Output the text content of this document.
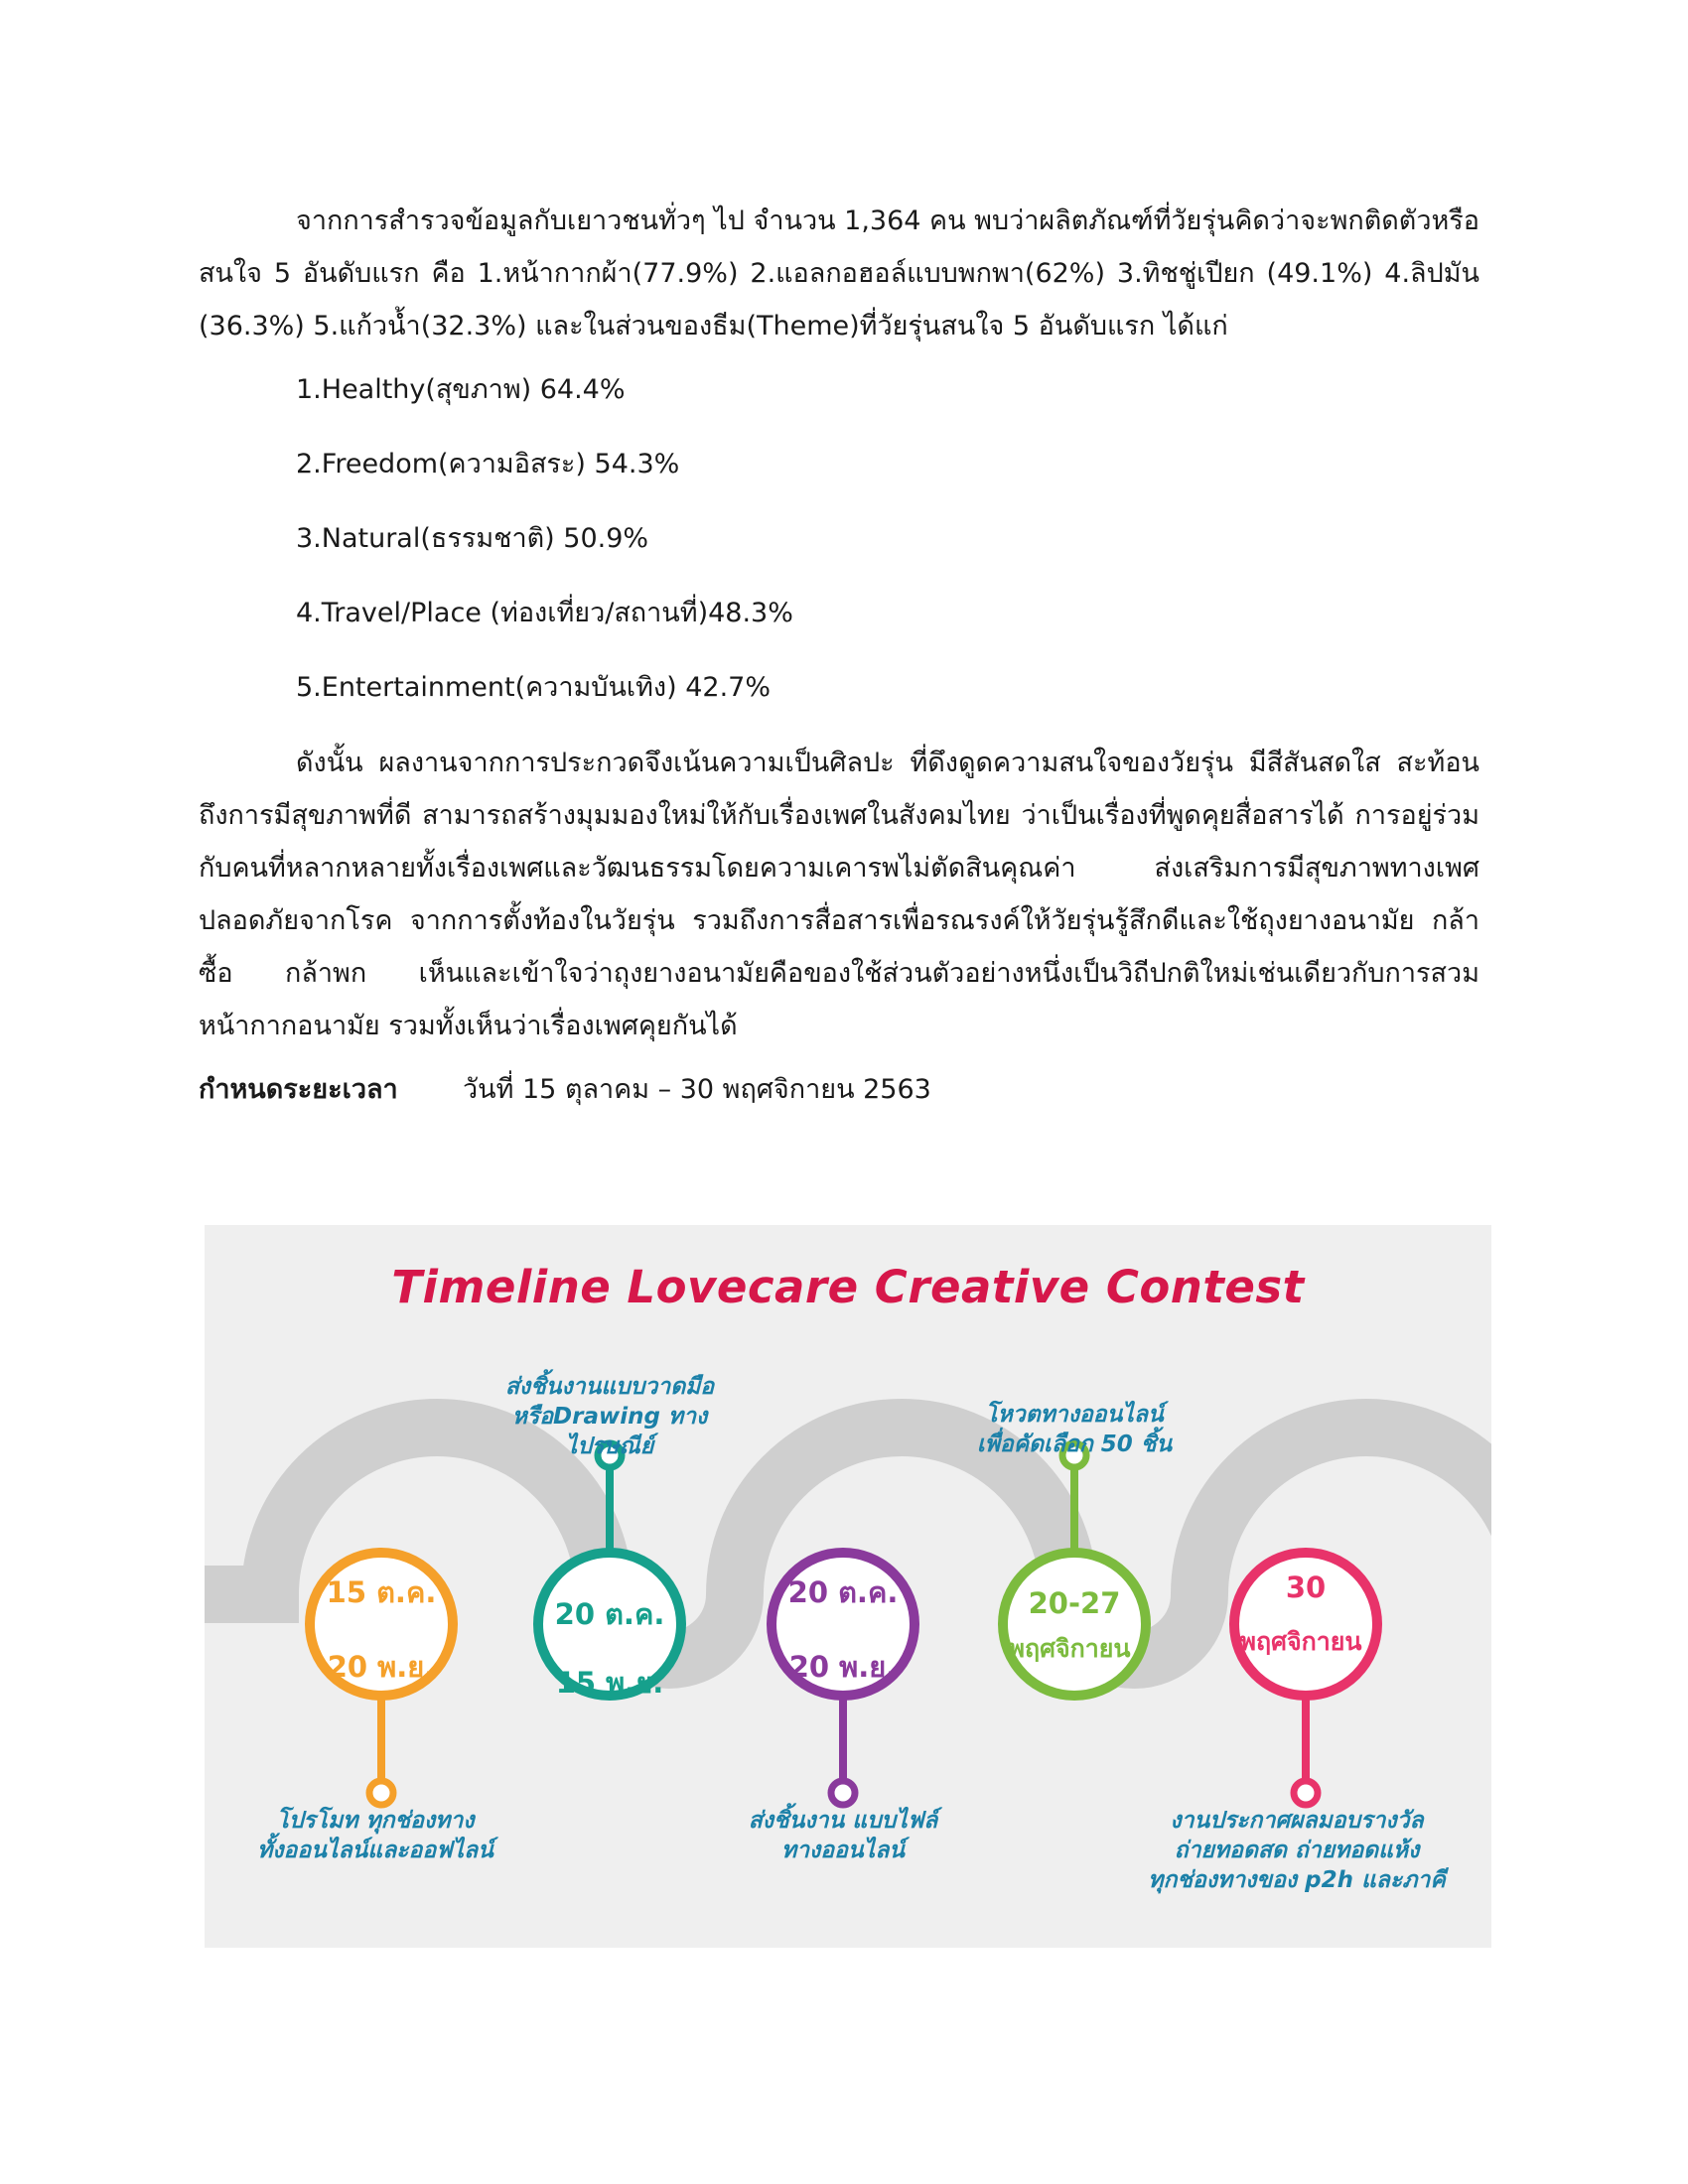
จากการสำรวจข้อมูลกับเยาวชนทั่วๆ ไป จำนวน 1,364 คน พบว่าผลิตภัณฑ์ที่วัยรุ่นคิดว่าจะพกติดตัวหรือสนใจ 5 อันดับแรก คือ 1.หน้ากากผ้า(77.9%) 2.แอลกอฮอล์แบบพกพา(62%) 3.ทิชชู่เปียก (49.1%) 4.ลิปมัน (36.3%) 5.แก้วน้ำ(32.3%) และในส่วนของธีม(Theme)ที่วัยรุ่นสนใจ 5 อันดับแรก ได้แก่

1.Healthy(สุขภาพ) 64.4%
2.Freedom(ความอิสระ) 54.3%
3.Natural(ธรรมชาติ) 50.9%
4.Travel/Place (ท่องเที่ยว/สถานที่)48.3%
5.Entertainment(ความบันเทิง) 42.7%

ดังนั้น ผลงานจากการประกวดจึงเน้นความเป็นศิลปะ ที่ดึงดูดความสนใจของวัยรุ่น มีสีสันสดใส สะท้อนถึงการมีสุขภาพที่ดี สามารถสร้างมุมมองใหม่ให้กับเรื่องเพศในสังคมไทย ว่าเป็นเรื่องที่พูดคุยสื่อสารได้ การอยู่ร่วมกับคนที่หลากหลายทั้งเรื่องเพศและวัฒนธรรมโดยความเคารพไม่ตัดสินคุณค่า ส่งเสริมการมีสุขภาพทางเพศปลอดภัยจากโรค จากการตั้งท้องในวัยรุ่น รวมถึงการสื่อสารเพื่อรณรงค์ให้วัยรุ่นรู้สึกดีและใช้ถุงยางอนามัย กล้าซื้อ กล้าพก เห็นและเข้าใจว่าถุงยางอนามัยคือของใช้ส่วนตัวอย่างหนึ่งเป็นวิถีปกติใหม่เช่นเดียวกับการสวมหน้ากากอนามัย รวมทั้งเห็นว่าเรื่องเพศคุยกันได้

กำหนดระยะเวลา วันที่ 15 ตุลาคม – 30 พฤศจิกายน 2563
Timeline Lovecare Creative Contest
15 ต.ค.
20 พ.ย.
20 ต.ค.
15 พ.ย.
20 ต.ค.
20 พ.ย.
20-27
พฤศจิกายน
30
พฤศจิกายน
โปรโมท ทุกช่องทาง
ทั้งออนไลน์และออฟไลน์
ส่งชิ้นงานแบบวาดมือ
หรือDrawing ทาง
ไปรษณีย์
ส่งชิ้นงาน แบบไฟล์
ทางออนไลน์
โหวตทางออนไลน์
เพื่อคัดเลือก 50 ชิ้น
งานประกาศผลมอบรางวัล
ถ่ายทอดสด ถ่ายทอดแห้ง
ทุกช่องทางของ p2h และภาคี
